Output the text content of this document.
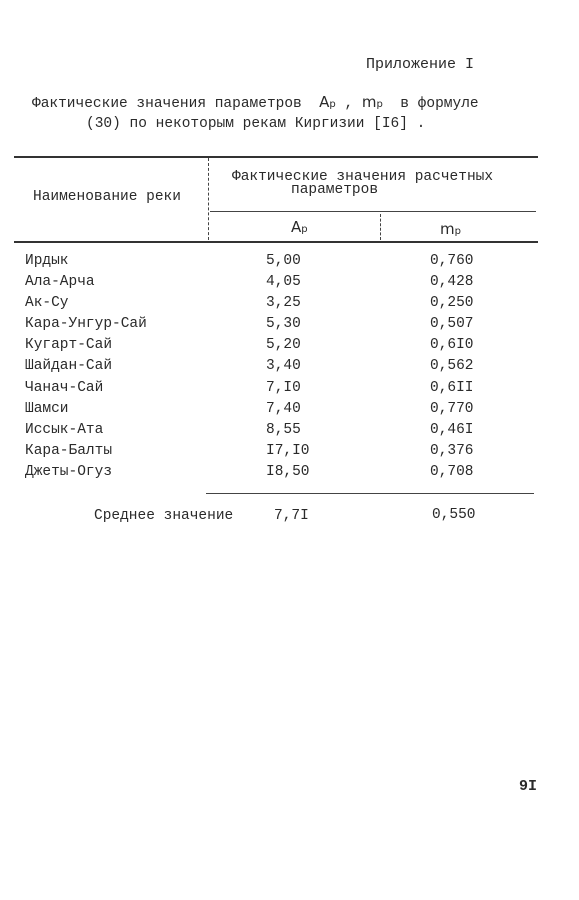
Приложение I
Фактические значения параметров Ap , mp в формуле
(30) по некоторым рекам Киргизии [I6] .
Наименование реки
Фактические значения расчетных
параметров
Ap	mp
Ирдык	5,00	0,760
Ала-Арча	4,05	0,428
Ак-Су	3,25	0,250
Кара-Унгур-Сай	5,30	0,507
Кугарт-Сай	5,20	0,6I0
Шайдан-Сай	3,40	0,562
Чанач-Сай	7,I0	0,6II
Шамси	7,40	0,770
Иссык-Ата	8,55	0,46I
Кара-Балты	I7,I0	0,376
Джеты-Огуз	I8,50	0,708
Среднее значение	7,7I	0,550
9I
